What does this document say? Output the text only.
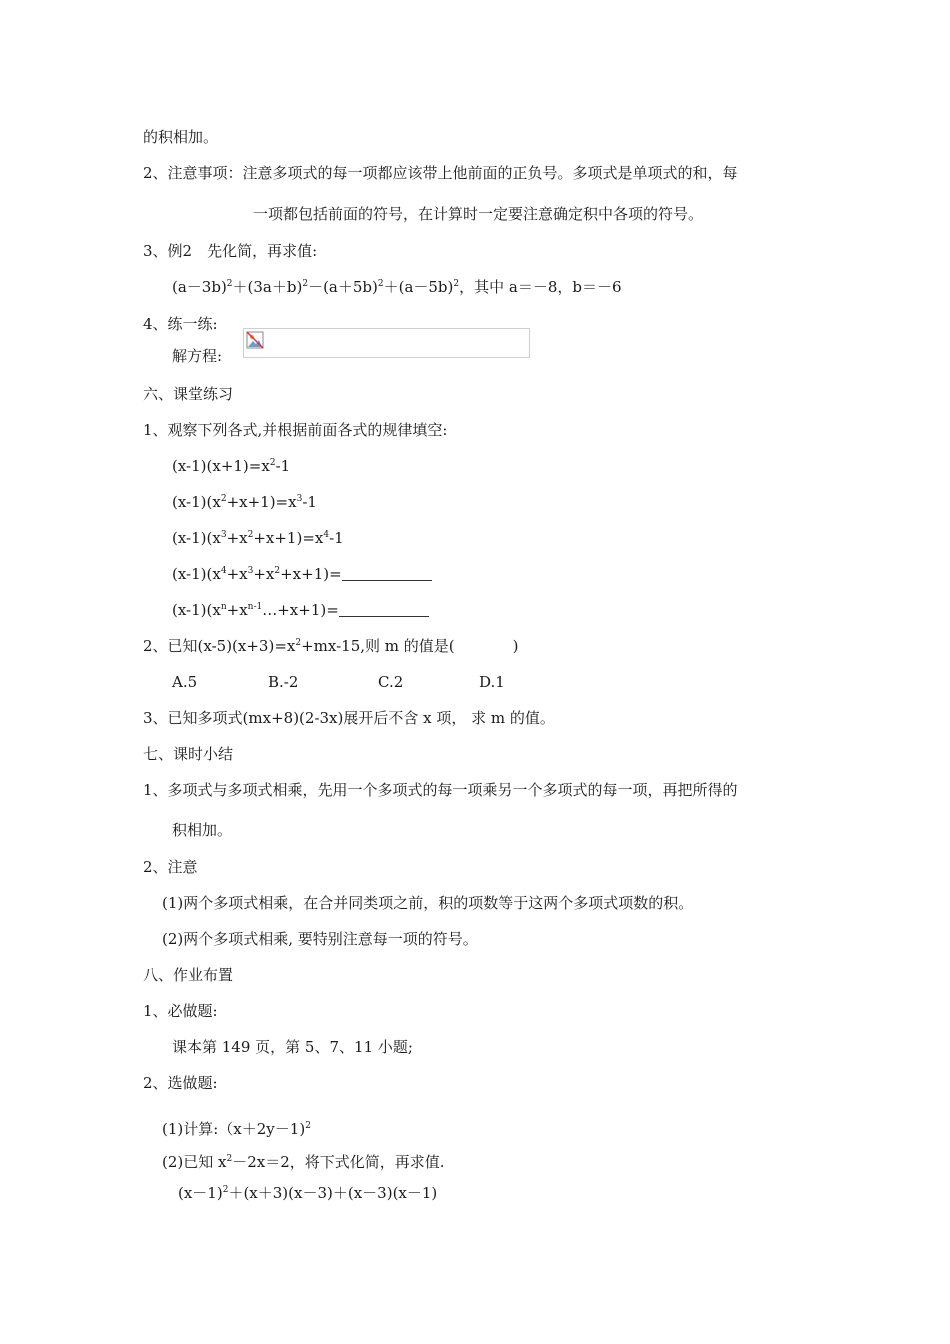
的积相加。
2、注意事项：注意多项式的每一项都应该带上他前面的正负号。多项式是单项式的和，每
一项都包括前面的符号，在计算时一定要注意确定积中各项的符号。
3、例2　先化简，再求值:
$(a-3b)^2+(3a+b)^2-(a+5b)^2+(a-5b)^2$，其中 a＝－8，b＝－6
4、练一练:
解方程:
六、课堂练习
1、观察下列各式,并根据前面各式的规律填空:
$(x-1)(x+1)=x^2-1$
$(x-1)(x^2+x+1)=x^3-1$
$(x-1)(x^3+x^2+x+1)=x^4-1$
$(x-1)(x^4+x^3+x^2+x+1)=$
$(x-1)(x^n+x^{n-1}\dots+x+1)=$
2、已知$(x-5)(x+3)=x^2+mx-15$,则 m 的值是(	)
A.5	B.-2	C.2	D.1
3、已知多项式(mx+8)(2-3x)展开后不含 x 项， 求 m 的值。
七、课时小结
1、多项式与多项式相乘，先用一个多项式的每一项乘另一个多项式的每一项，再把所得的
积相加。
2、注意
(1)两个多项式相乘，在合并同类项之前，积的项数等于这两个多项式项数的积。
(2)两个多项式相乘, 要特别注意每一项的符号。
八、作业布置
1、必做题:
课本第 149 页，第 5、7、11 小题;
2、选做题:
(1)计算:（x＋2y－1)$^2$
(2)已知 $x^2-2x=2$，将下式化简，再求值.
$(x-1)^2+(x+3)(x-3)+(x-3)(x-1)$
